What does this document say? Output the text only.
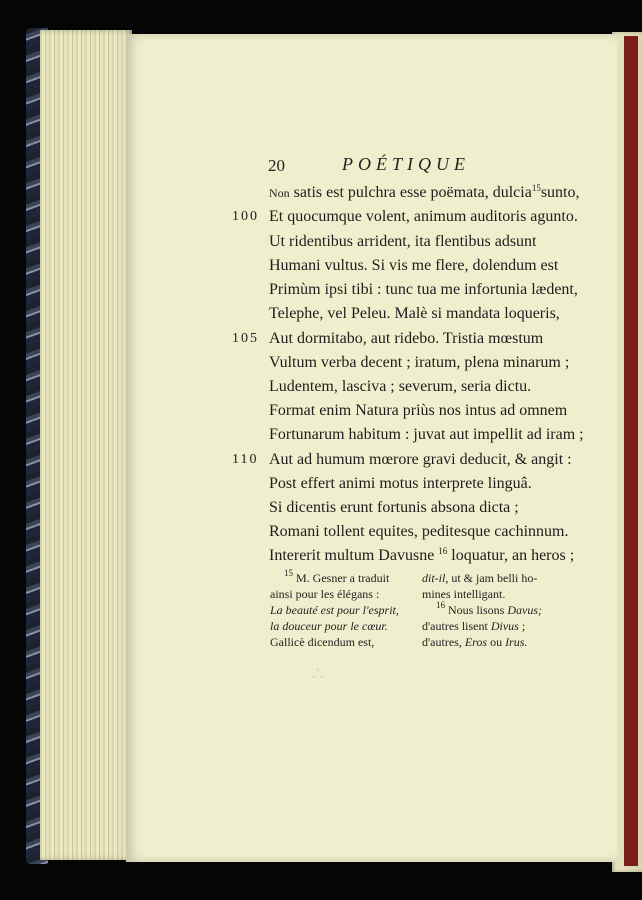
20	POÉTIQUE
Non satis est pulchra esse poëmata, dulcia$^{15}$sunto,
100 Et quocumque volent, animum auditoris agunto.
Ut ridentibus arrident, ita flentibus adsunt
Humani vultus. Si vis me flere, dolendum est
Primùm ipsi tibi : tunc tua me infortunia lædent,
Telephe, vel Peleu. Malè si mandata loqueris,
105 Aut dormitabo, aut ridebo. Tristia mœstum
Vultum verba decent ; iratum, plena minarum ;
Ludentem, lasciva ; severum, seria dictu.
Format enim Natura priùs nos intus ad omnem
Fortunarum habitum : juvat aut impellit ad iram ;
110 Aut ad humum mœrore gravi deducit, & angit :
Post effert animi motus interprete linguâ.
Si dicentis erunt fortunis absona dicta ;
Romani tollent equites, peditesque cachinnum.
Intererit multum Davusne $^{16}$ loquatur, an heros ;
$^{15}$ M. Gesner a traduit
ainsi pour les élégans :
La beauté est pour l'esprit,
la douceur pour le cœur.
Gallicè dicendum est,
dit-il, ut & jam belli ho-
mines intelligant.
$^{16}$ Nous lisons Davus;
d'autres lisent Divus ;
d'autres, Eros ou Irus.
∴
